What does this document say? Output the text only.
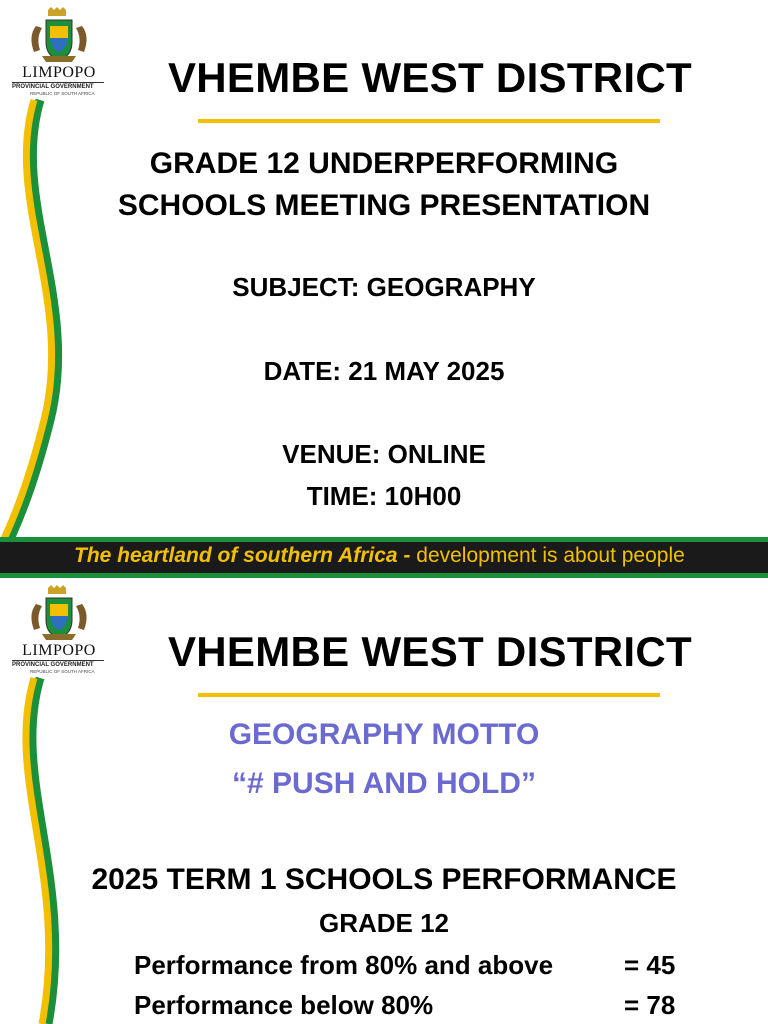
LIMPOPO
PROVINCIAL GOVERNMENT
REPUBLIC OF SOUTH AFRICA	VHEMBE WEST DISTRICT
GRADE 12 UNDERPERFORMING
SCHOOLS MEETING PRESENTATION
SUBJECT: GEOGRAPHY
DATE: 21 MAY 2025
VENUE: ONLINE
TIME: 10H00
The heartland of southern Africa - development is about people
LIMPOPO
PROVINCIAL GOVERNMENT
REPUBLIC OF SOUTH AFRICA	VHEMBE WEST DISTRICT
GEOGRAPHY MOTTO
“# PUSH AND HOLD”
2025 TERM 1 SCHOOLS PERFORMANCE
GRADE 12
Performance from 80% and above	= 45
Performance below 80%	= 78
